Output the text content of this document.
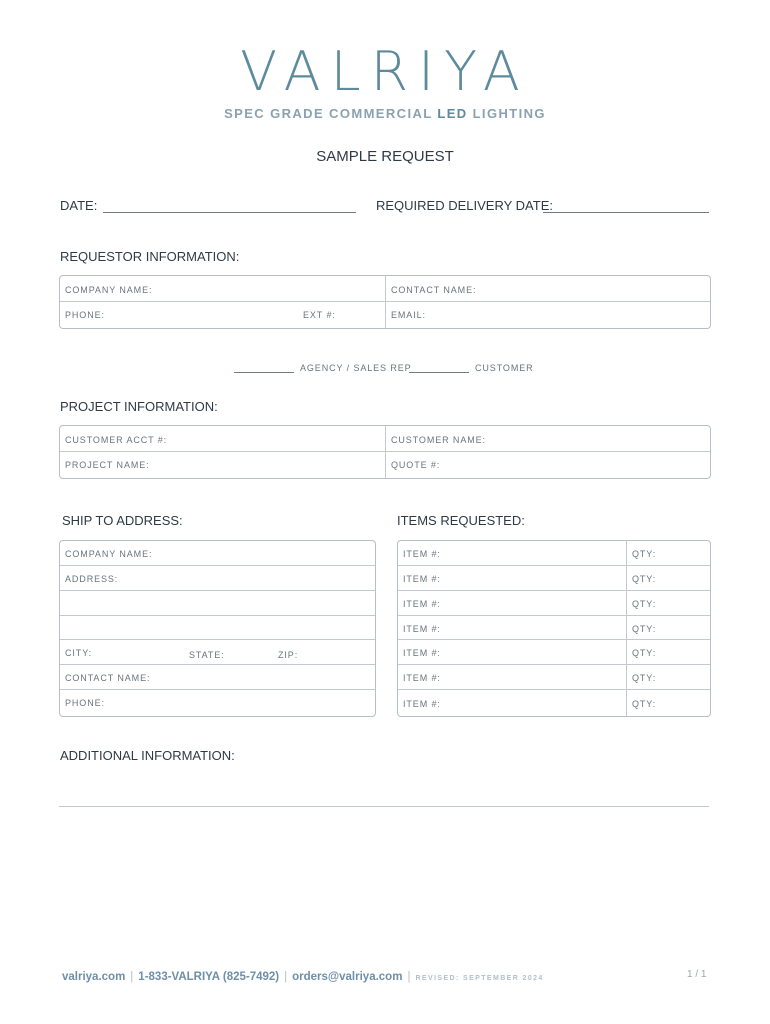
VALRIYA
SPEC GRADE COMMERCIAL LED LIGHTING
SAMPLE REQUEST
DATE:	REQUIRED DELIVERY DATE:
REQUESTOR INFORMATION:
COMPANY NAME:	CONTACT NAME:
PHONE:	EXT #:	EMAIL:
AGENCY / SALES REP	CUSTOMER
PROJECT INFORMATION:
CUSTOMER ACCT #:	CUSTOMER NAME:
PROJECT NAME:	QUOTE #:
SHIP TO ADDRESS:
COMPANY NAME:
ADDRESS:
CITY:	STATE:	ZIP:
CONTACT NAME:
PHONE:
ITEMS REQUESTED:
ITEM #:	QTY:
ITEM #:	QTY:
ITEM #:	QTY:
ITEM #:	QTY:
ITEM #:	QTY:
ITEM #:	QTY:
ITEM #:	QTY:
ADDITIONAL INFORMATION:
valriya.com | 1-833-VALRIYA (825-7492) | orders@valriya.com | REVISED: SEPTEMBER 2024	1 / 1
